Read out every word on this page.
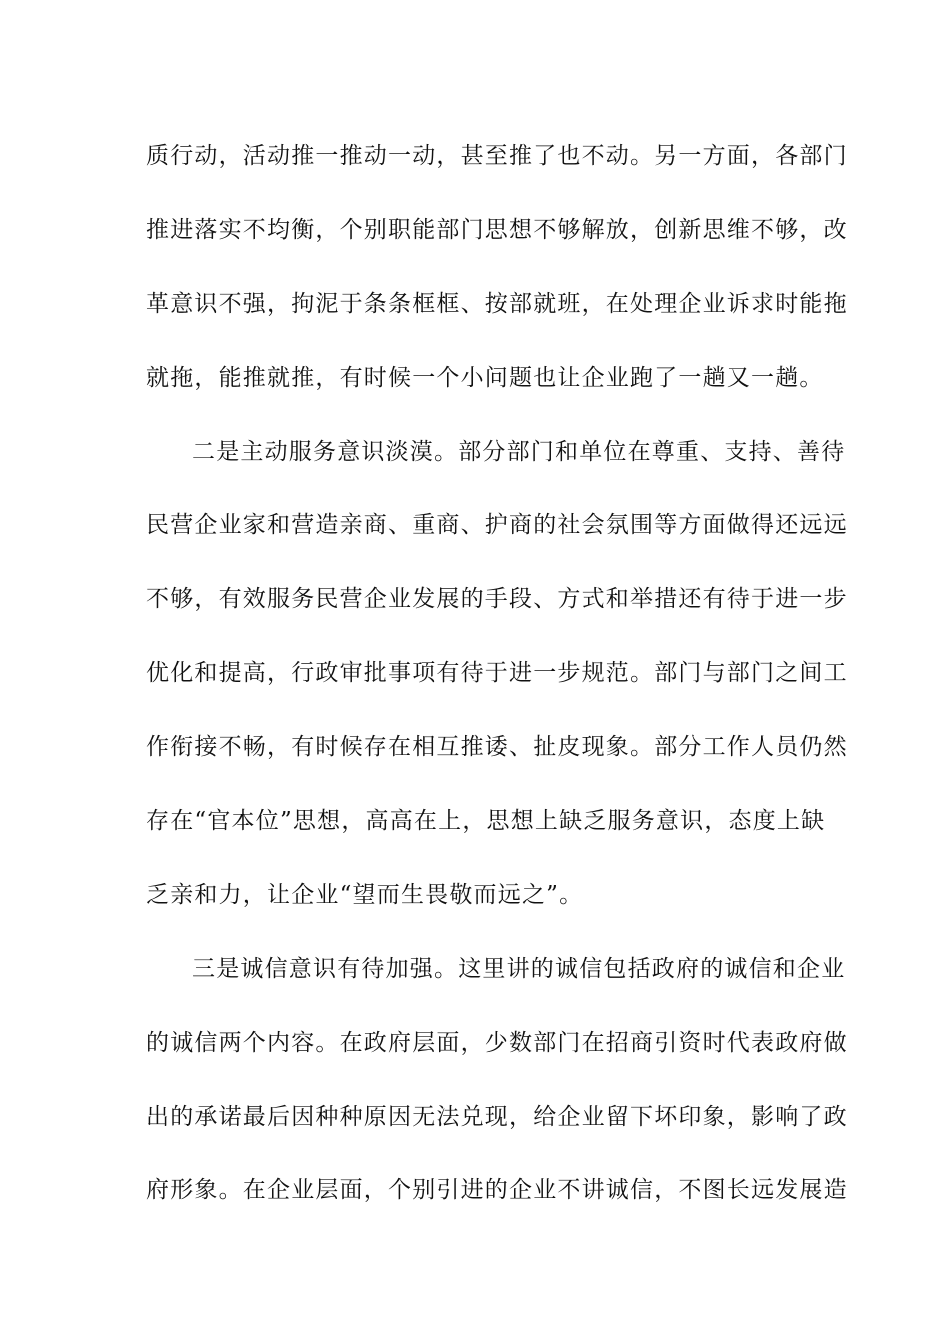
质行动，活动推一推动一动，甚至推了也不动。另一方面，各部门
推进落实不均衡，个别职能部门思想不够解放，创新思维不够，改
革意识不强，拘泥于条条框框、按部就班，在处理企业诉求时能拖
就拖，能推就推，有时候一个小问题也让企业跑了一趟又一趟。
二是主动服务意识淡漠。部分部门和单位在尊重、支持、善待
民营企业家和营造亲商、重商、护商的社会氛围等方面做得还远远
不够，有效服务民营企业发展的手段、方式和举措还有待于进一步
优化和提高，行政审批事项有待于进一步规范。部门与部门之间工
作衔接不畅，有时候存在相互推诿、扯皮现象。部分工作人员仍然
存在“官本位”思想，高高在上，思想上缺乏服务意识，态度上缺
乏亲和力，让企业“望而生畏敬而远之”。
三是诚信意识有待加强。这里讲的诚信包括政府的诚信和企业
的诚信两个内容。在政府层面，少数部门在招商引资时代表政府做
出的承诺最后因种种原因无法兑现，给企业留下坏印象，影响了政
府形象。在企业层面，个别引进的企业不讲诚信，不图长远发展造
